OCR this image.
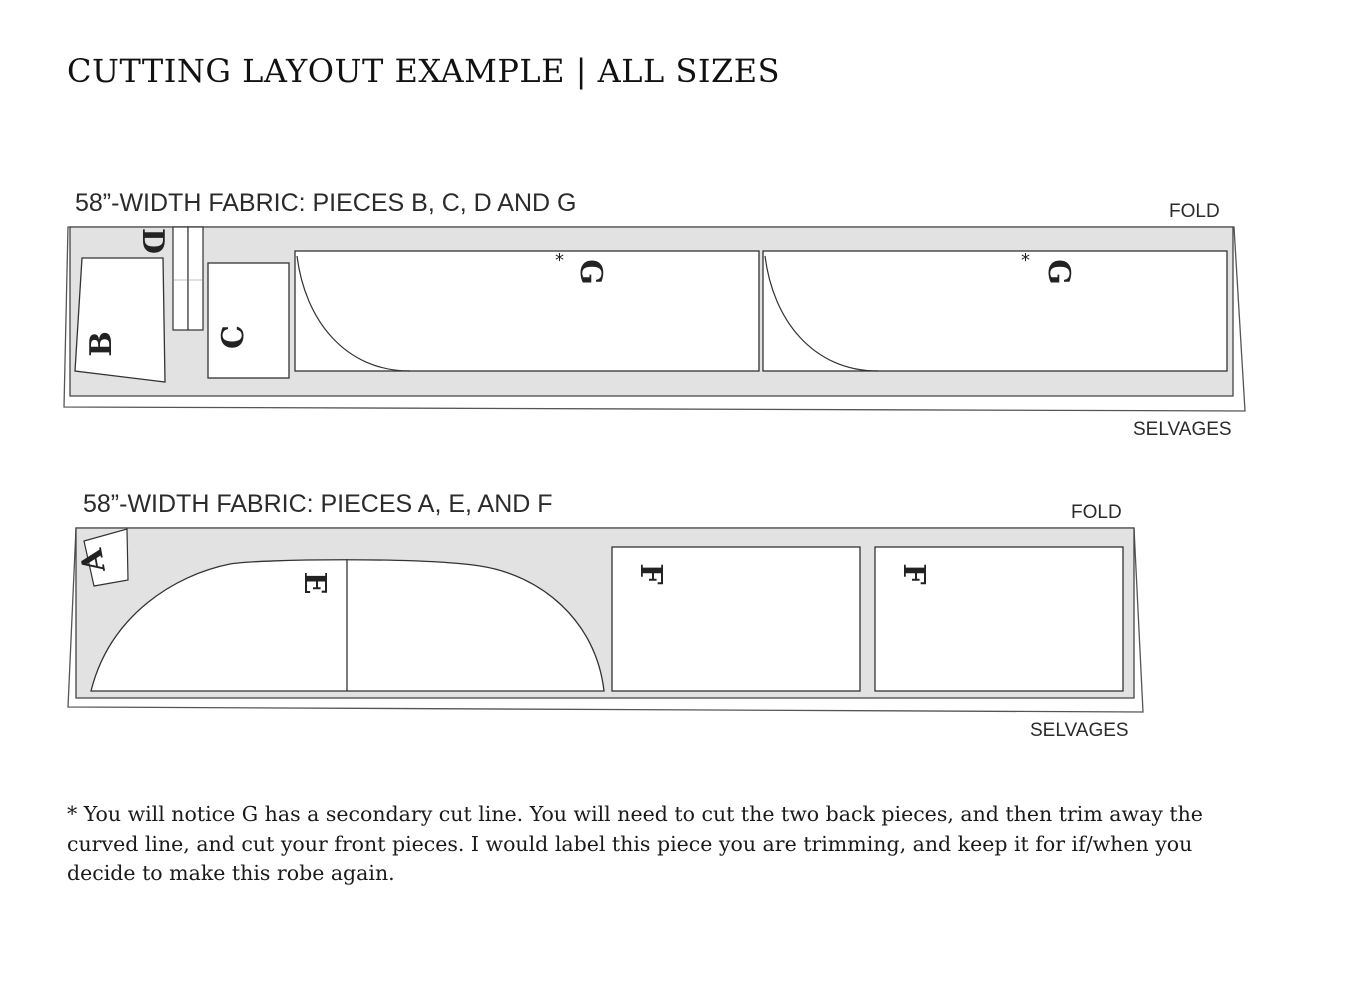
CUTTING LAYOUT EXAMPLE | ALL SIZES
58”-WIDTH FABRIC: PIECES B, C, D AND G	FOLD
B
D
C
G
*	G
*
SELVAGES
58”-WIDTH FABRIC: PIECES A, E, AND F	FOLD
A
E	F	F
SELVAGES

* You will notice G has a secondary cut line. You will need to cut the two back pieces, and then trim away the curved line, and cut your front pieces. I would label this piece you are trimming, and keep it for if/when you decide to make this robe again.
